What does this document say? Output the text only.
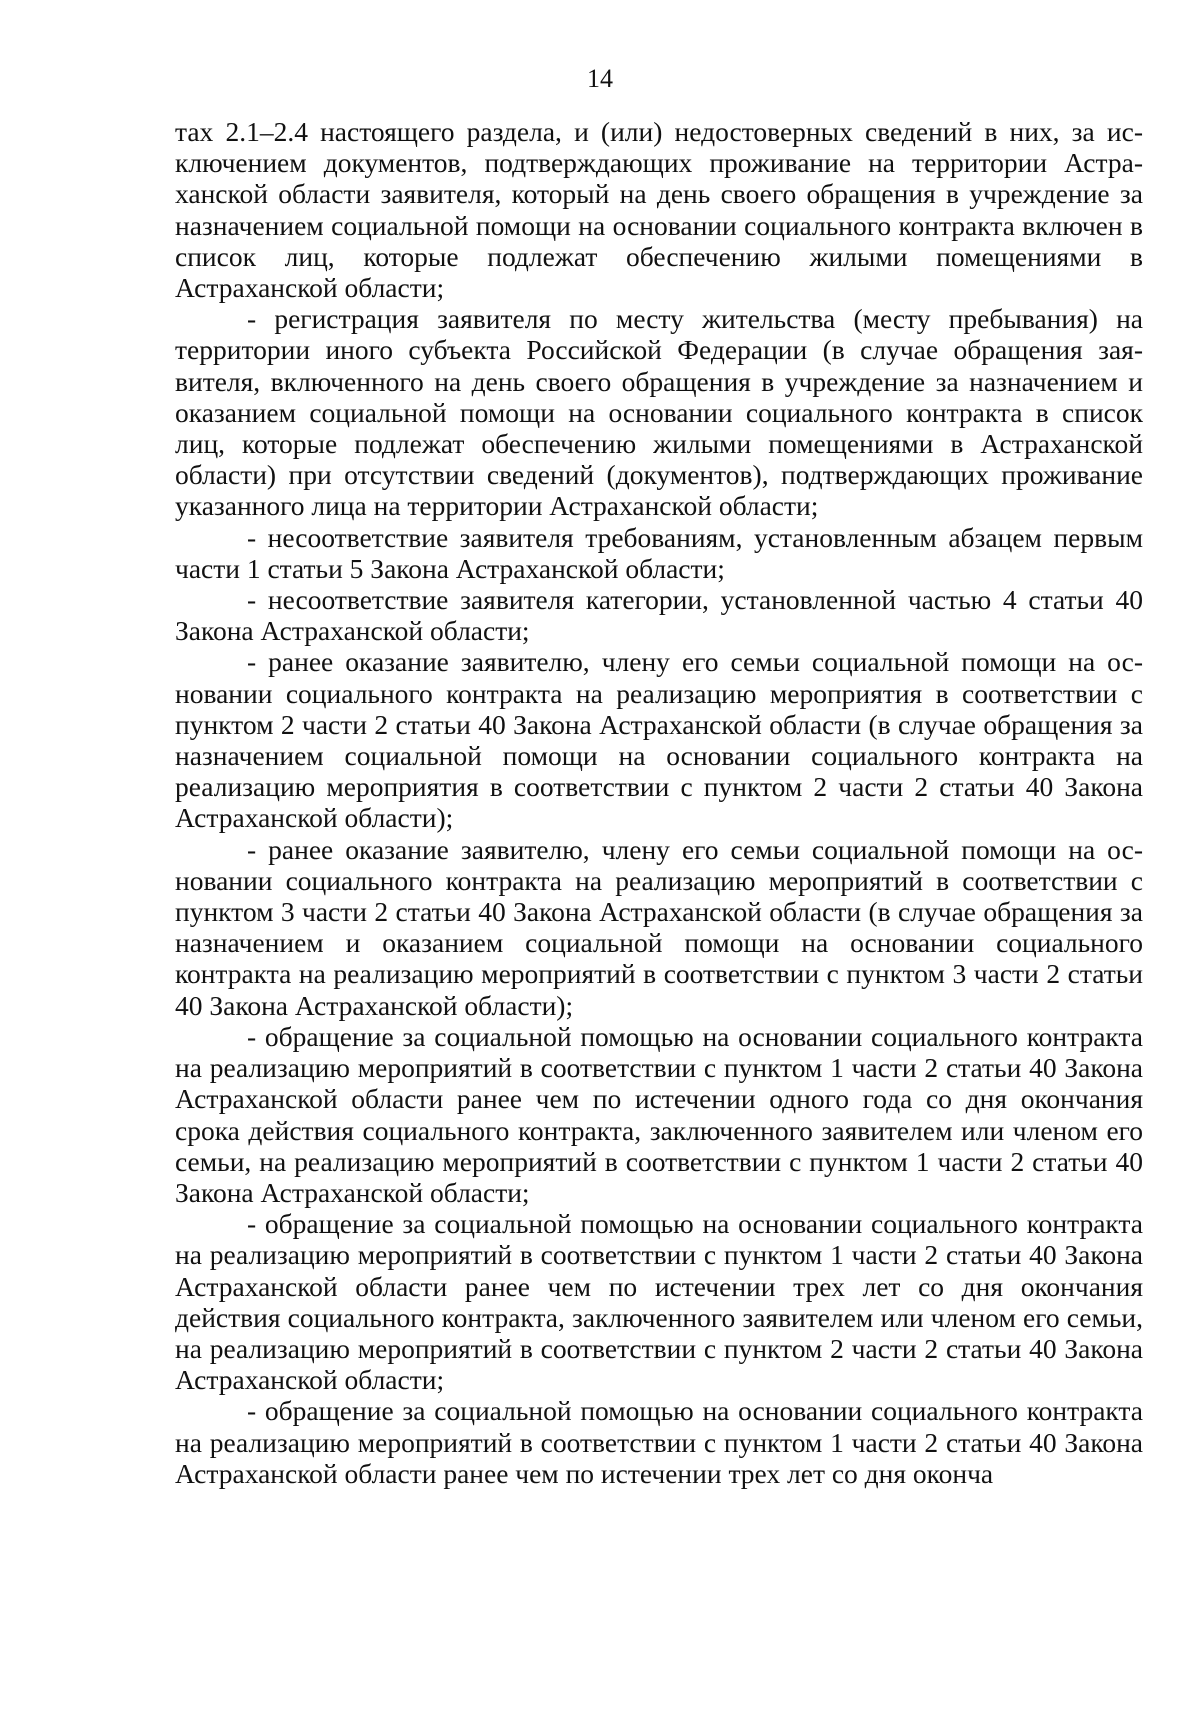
14

тах 2.1–2.4 настоящего раздела, и (или) недостоверных сведений в них, за исключением документов, подтверждающих проживание на территории Астраханской области заявителя, который на день своего обращения в учреждение за назначением социальной помощи на основании социального контракта включен в список лиц, которые подлежат обеспечению жилыми помещениями в Астраханской области;

- регистрация заявителя по месту жительства (месту пребывания) на территории иного субъекта Российской Федерации (в случае обращения заявителя, включенного на день своего обращения в учреждение за назначением и оказанием социальной помощи на основании социального контракта в список лиц, которые подлежат обеспечению жилыми помещениями в Астраханской области) при отсутствии сведений (документов), подтверждающих проживание указанного лица на территории Астраханской области;

- несоответствие заявителя требованиям, установленным абзацем первым части 1 статьи 5 Закона Астраханской области;

- несоответствие заявителя категории, установленной частью 4 статьи 40 Закона Астраханской области;

- ранее оказание заявителю, члену его семьи социальной помощи на основании социального контракта на реализацию мероприятия в соответствии с пунктом 2 части 2 статьи 40 Закона Астраханской области (в случае обращения за назначением социальной помощи на основании социального контракта на реализацию мероприятия в соответствии с пунктом 2 части 2 статьи 40 Закона Астраханской области);

- ранее оказание заявителю, члену его семьи социальной помощи на основании социального контракта на реализацию мероприятий в соответствии с пунктом 3 части 2 статьи 40 Закона Астраханской области (в случае обращения за назначением и оказанием социальной помощи на основании социального контракта на реализацию мероприятий в соответствии с пунктом 3 части 2 статьи 40 Закона Астраханской области);

- обращение за социальной помощью на основании социального контракта на реализацию мероприятий в соответствии с пунктом 1 части 2 статьи 40 Закона Астраханской области ранее чем по истечении одного года со дня окончания срока действия социального контракта, заключенного заявителем или членом его семьи, на реализацию мероприятий в соответствии с пунктом 1 части 2 статьи 40 Закона Астраханской области;

- обращение за социальной помощью на основании социального контракта на реализацию мероприятий в соответствии с пунктом 1 части 2 статьи 40 Закона Астраханской области ранее чем по истечении трех лет со дня окончания действия социального контракта, заключенного заявителем или членом его семьи, на реализацию мероприятий в соответствии с пунктом 2 части 2 статьи 40 Закона Астраханской области;

- обращение за социальной помощью на основании социального контракта на реализацию мероприятий в соответствии с пунктом 1 части 2 статьи 40 Закона Астраханской области ранее чем по истечении трех лет со дня оконча
